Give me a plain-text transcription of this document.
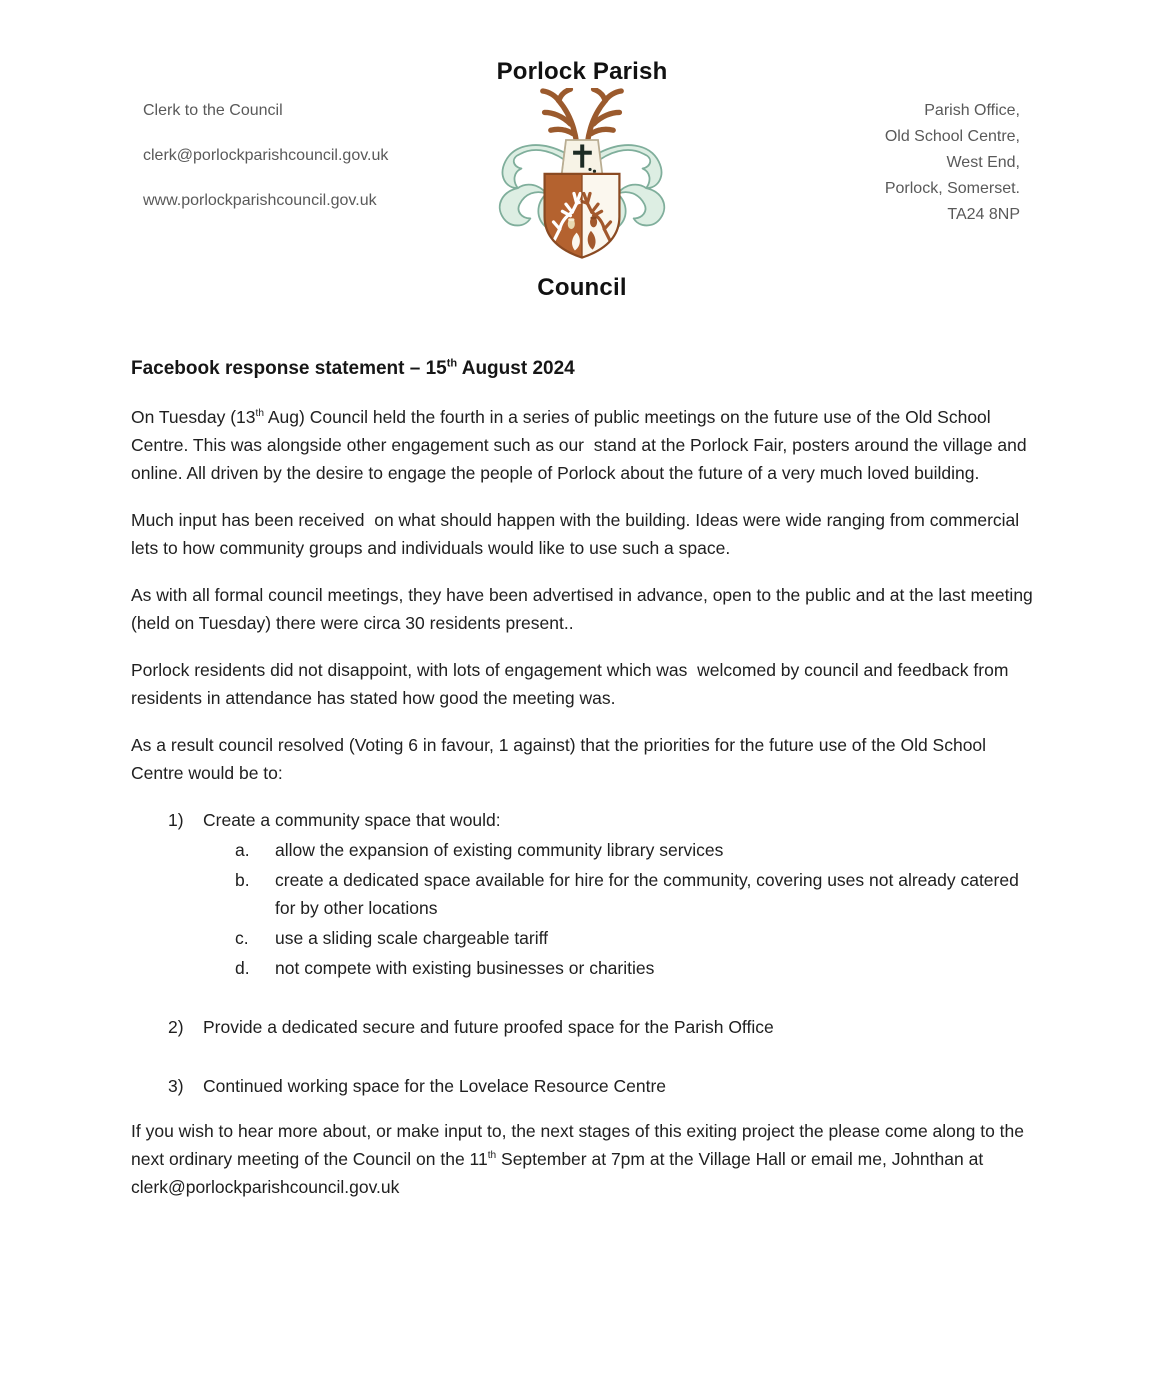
Clerk to the Council

clerk@porlockparishcouncil.gov.uk

www.porlockparishcouncil.gov.uk

Parish Office,
Old School Centre,
West End,
Porlock, Somerset.
TA24 8NP
Porlock Parish
Council
Facebook response statement – 15th August 2024

On Tuesday (13th Aug) Council held the fourth in a series of public meetings on the future use of the Old School Centre. This was alongside other engagement such as our  stand at the Porlock Fair, posters around the village and online. All driven by the desire to engage the people of Porlock about the future of a very much loved building.

Much input has been received  on what should happen with the building. Ideas were wide ranging from commercial lets to how community groups and individuals would like to use such a space.

As with all formal council meetings, they have been advertised in advance, open to the public and at the last meeting (held on Tuesday) there were circa 30 residents present..

Porlock residents did not disappoint, with lots of engagement which was  welcomed by council and feedback from residents in attendance has stated how good the meeting was.

As a result council resolved (Voting 6 in favour, 1 against) that the priorities for the future use of the Old School Centre would be to:

1)	Create a community space that would:
a.	allow the expansion of existing community library services
b.	create a dedicated space available for hire for the community, covering uses not already catered for by other locations
c.	use a sliding scale chargeable tariff
d.	not compete with existing businesses or charities
2)	Provide a dedicated secure and future proofed space for the Parish Office
3)	Continued working space for the Lovelace Resource Centre

If you wish to hear more about, or make input to, the next stages of this exiting project the please come along to the next ordinary meeting of the Council on the 11th September at 7pm at the Village Hall or email me, Johnthan at clerk@porlockparishcouncil.gov.uk
